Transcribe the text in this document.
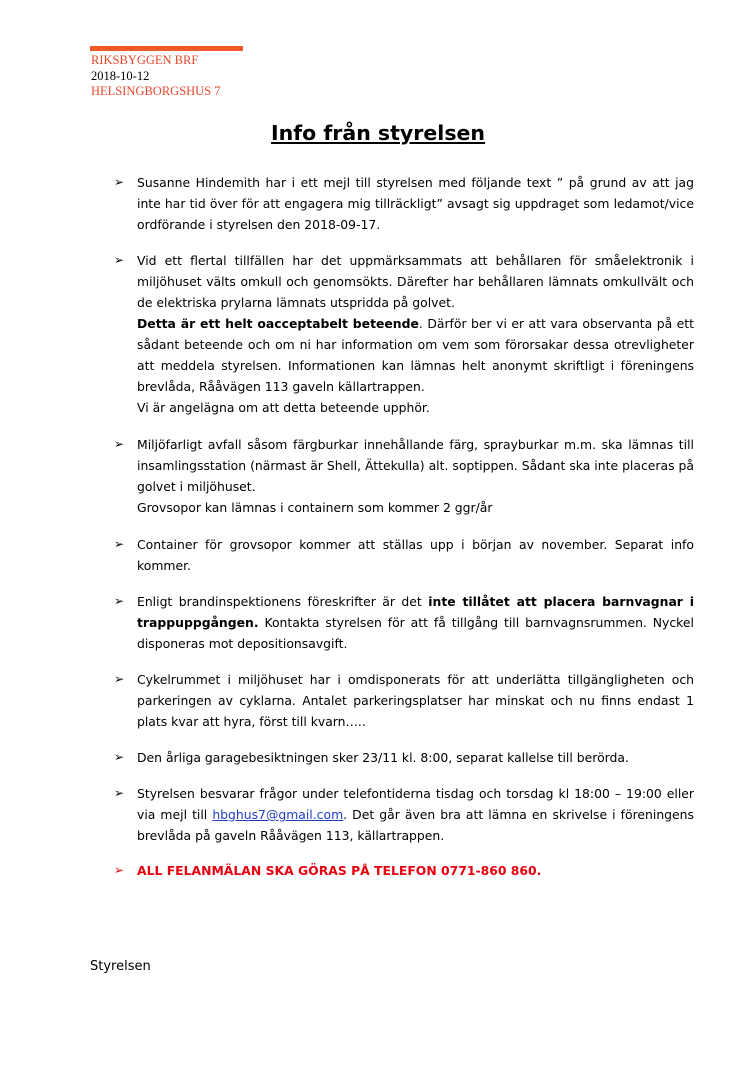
RIKSBYGGEN BRF
2018-10-12
HELSINGBORGSHUS 7
Info från styrelsen
➢ Susanne Hindemith har i ett mejl till styrelsen med följande text ” på grund av att jag inte har tid över för att engagera mig tillräckligt” avsagt sig uppdraget som ledamot/vice ordförande i styrelsen den 2018-09-17.
➢ Vid ett flertal tillfällen har det uppmärksammats att behållaren för småelektronik i miljöhuset välts omkull och genomsökts. Därefter har behållaren lämnats omkullvält och de elektriska prylarna lämnats utspridda på golvet.
Detta är ett helt oacceptabelt beteende. Därför ber vi er att vara observanta på ett sådant beteende och om ni har information om vem som förorsakar dessa otrevligheter att meddela styrelsen. Informationen kan lämnas helt anonymt skriftligt i föreningens brevlåda, Rååvägen 113 gaveln källartrappen.
Vi är angelägna om att detta beteende upphör.
➢ Miljöfarligt avfall såsom färgburkar innehållande färg, sprayburkar m.m. ska lämnas till insamlingsstation (närmast är Shell, Ättekulla) alt. soptippen. Sådant ska inte placeras på golvet i miljöhuset.
Grovsopor kan lämnas i containern som kommer 2 ggr/år
➢ Container för grovsopor kommer att ställas upp i början av november. Separat info kommer.
➢ Enligt brandinspektionens föreskrifter är det inte tillåtet att placera barnvagnar i trappuppgången. Kontakta styrelsen för att få tillgång till barnvagnsrummen. Nyckel disponeras mot depositionsavgift.
➢ Cykelrummet i miljöhuset har i omdisponerats för att underlätta tillgängligheten och parkeringen av cyklarna. Antalet parkeringsplatser har minskat och nu finns endast 1 plats kvar att hyra, först till kvarn…..
➢ Den årliga garagebesiktningen sker 23/11 kl. 8:00, separat kallelse till berörda.
➢ Styrelsen besvarar frågor under telefontiderna tisdag och torsdag kl 18:00 – 19:00 eller via mejl till hbghus7@gmail.com. Det går även bra att lämna en skrivelse i föreningens brevlåda på gaveln Rååvägen 113, källartrappen.
➢ ALL FELANMÄLAN SKA GÖRAS PÅ TELEFON 0771-860 860.
Styrelsen
